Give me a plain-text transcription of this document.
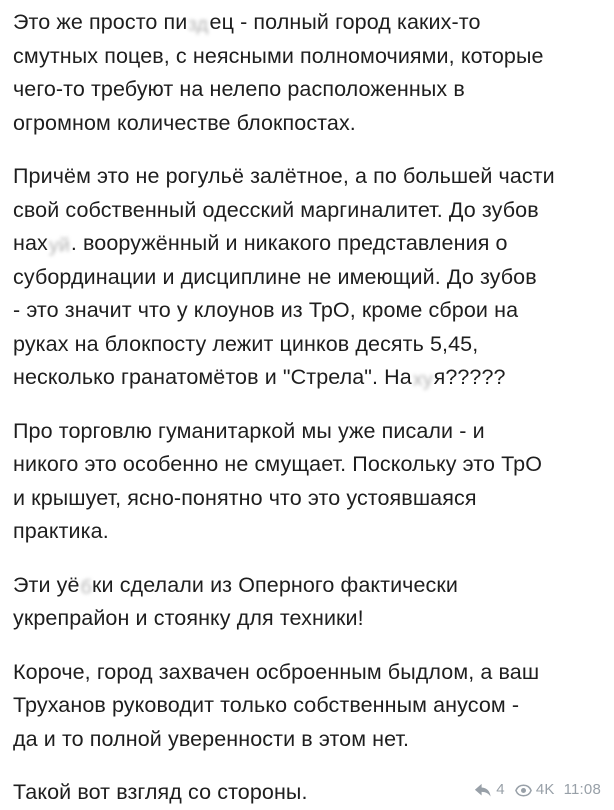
Это же просто пиздец - полный город каких-то
смутных поцев, с неясными полномочиями, которые
чего-то требуют на нелепо расположенных в
огромном количестве блокпостах.
Причём это не рогульё залётное, а по большей части
свой собственный одесский маргиналитет. До зубов
нахуй. вооружённый и никакого представления о
субординации и дисциплине не имеющий. До зубов
- это значит что у клоунов из ТрО, кроме сброи на
руках на блокпосту лежит цинков десять 5,45,
несколько гранатомётов и "Стрела". Нахуя?????
Про торговлю гуманитаркой мы уже писали - и
никого это особенно не смущает. Поскольку это ТрО
и крышует, ясно-понятно что это устоявшаяся
практика.
Эти уёбки сделали из Оперного фактически
укрепрайон и стоянку для техники!
Короче, город захвачен осброенным быдлом, а ваш
Труханов руководит только собственным анусом -
да и то полной уверенности в этом нет.
Такой вот взгляд со стороны.	4 4K 11:08
